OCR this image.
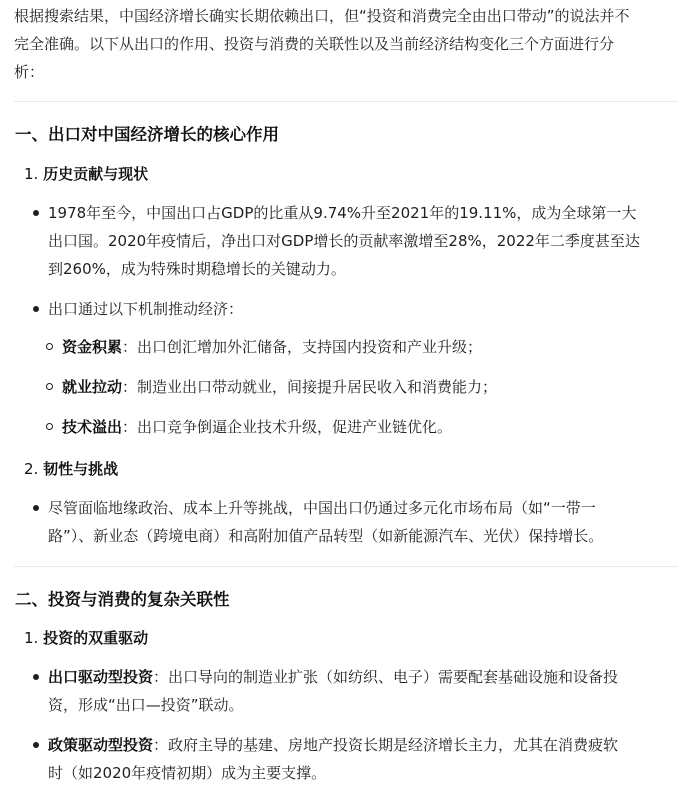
根据搜索结果，中国经济增长确实长期依赖出口，但“投资和消费完全由出口带动”的说法并不
完全准确。以下从出口的作用、投资与消费的关联性以及当前经济结构变化三个方面进行分
析：
一、出口对中国经济增长的核心作用
1. 历史贡献与现状
1978年至今，中国出口占GDP的比重从9.74%升至2021年的19.11%，成为全球第一大
出口国。2020年疫情后，净出口对GDP增长的贡献率激增至28%，2022年二季度甚至达
到260%，成为特殊时期稳增长的关键动力。
出口通过以下机制推动经济：
资金积累：出口创汇增加外汇储备，支持国内投资和产业升级；
就业拉动：制造业出口带动就业，间接提升居民收入和消费能力；
技术溢出：出口竞争倒逼企业技术升级，促进产业链优化。
2. 韧性与挑战
尽管面临地缘政治、成本上升等挑战，中国出口仍通过多元化市场布局（如“一带一
路”）、新业态（跨境电商）和高附加值产品转型（如新能源汽车、光伏）保持增长。
二、投资与消费的复杂关联性
1. 投资的双重驱动
出口驱动型投资：出口导向的制造业扩张（如纺织、电子）需要配套基础设施和设备投
资，形成“出口—投资”联动。
政策驱动型投资：政府主导的基建、房地产投资长期是经济增长主力，尤其在消费疲软
时（如2020年疫情初期）成为主要支撑。
